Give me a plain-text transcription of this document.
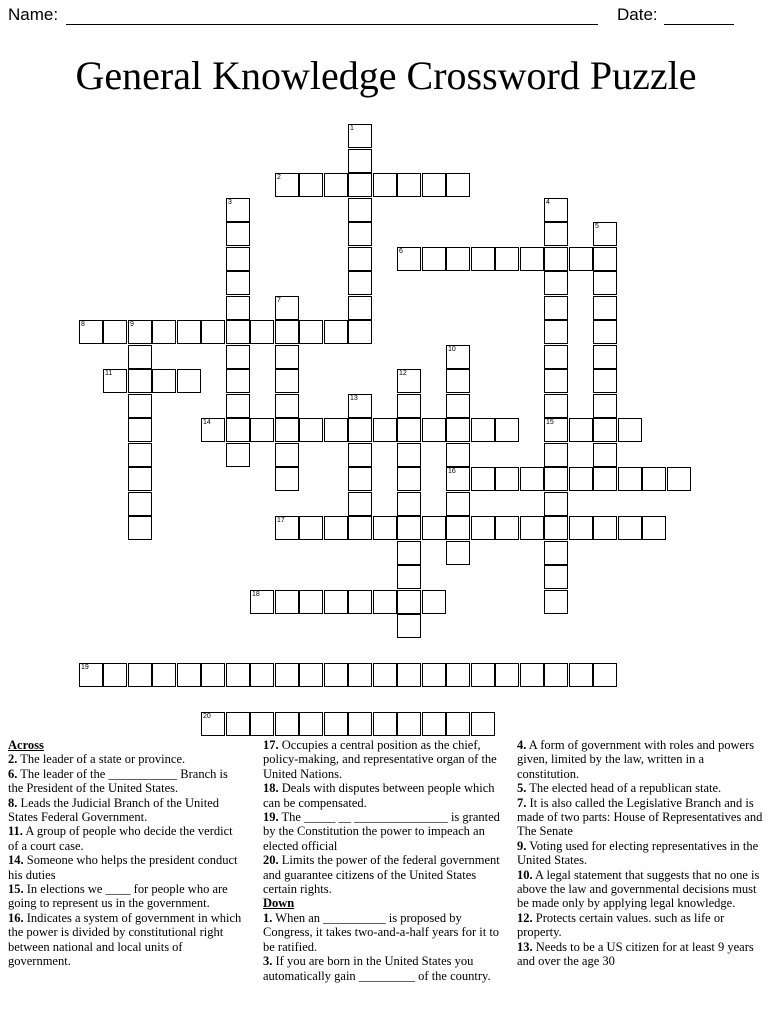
Name:	Date:
General Knowledge Crossword Puzzle
1
2
3	4
15
5
6
7
8	9
10
16
11	12
13
14
17
18
19
20
Across
2. The leader of a state or province.
6. The leader of the ___________ Branch is the President of the United States.
8. Leads the Judicial Branch of the United States Federal Government.
11. A group of people who decide the verdict of a court case.
14. Someone who helps the president conduct his duties
15. In elections we ____ for people who are going to represent us in the government.
16. Indicates a system of government in which the power is divided by constitutional right between national and local units of government.
17. Occupies a central position as the chief, policy-making, and representative organ of the United Nations.
18. Deals with disputes between people which can be compensated.
19. The _____ __ _______________ is granted by the Constitution the power to impeach an elected official
20. Limits the power of the federal government and guarantee citizens of the United States certain rights.
Down
1. When an __________ is proposed by Congress, it takes two-and-a-half years for it to be ratified.
3. If you are born in the United States you automatically gain _________ of the country.
4. A form of government with roles and powers given, limited by the law, written in a constitution.
5. The elected head of a republican state.
7. It is also called the Legislative Branch and is made of two parts: House of Representatives and The Senate
9. Voting used for electing representatives in the United States.
10. A legal statement that suggests that no one is above the law and governmental decisions must be made only by applying legal knowledge.
12. Protects certain values. such as life or property.
13. Needs to be a US citizen for at least 9 years and over the age 30
